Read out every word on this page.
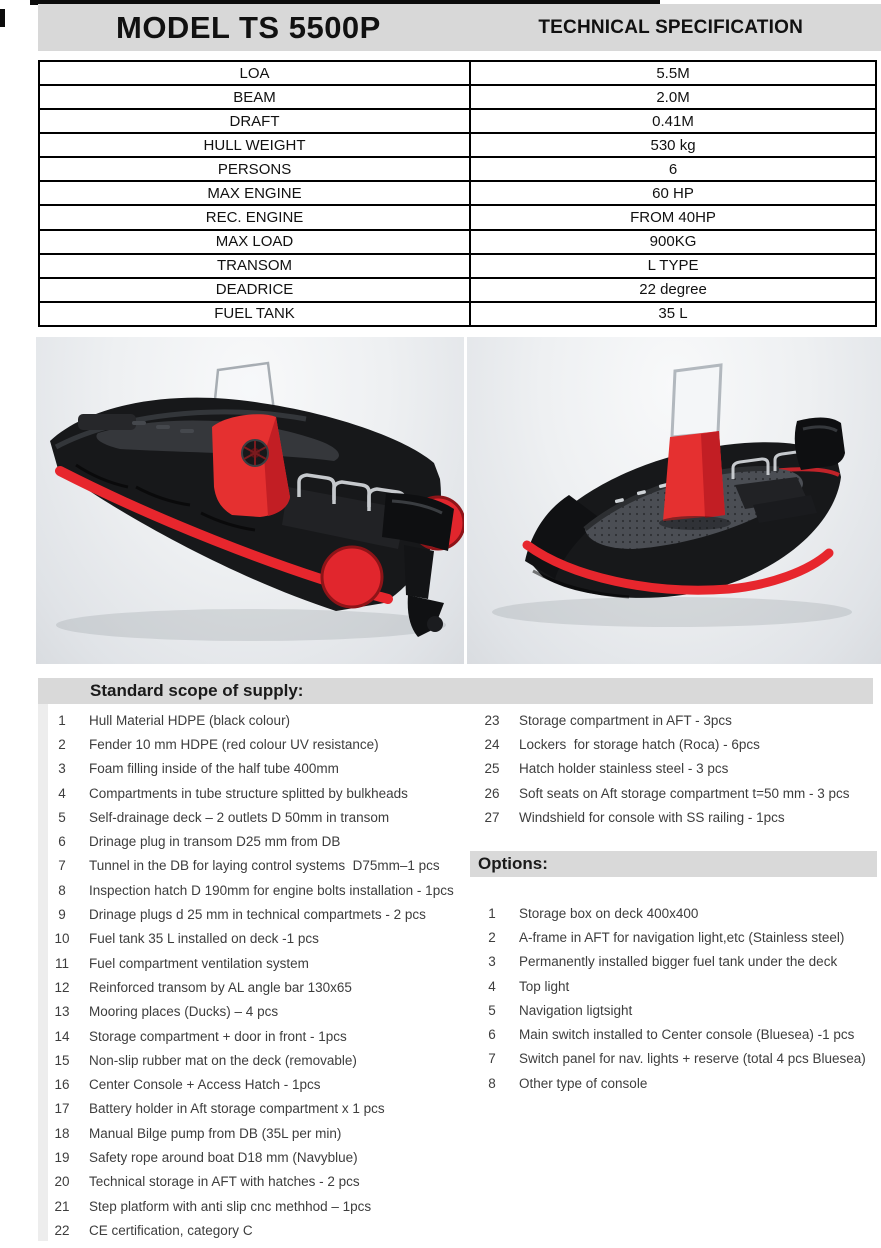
MODEL TS 5500P	TECHNICAL SPECIFICATION
LOA	5.5M
BEAM	2.0M
DRAFT	0.41M
HULL WEIGHT	530 kg
PERSONS	6
MAX ENGINE	60 HP
REC. ENGINE	FROM 40HP
MAX LOAD	900KG
TRANSOM	L TYPE
DEADRICE	22 degree
FUEL TANK	35 L
Standard scope of supply:
1	Hull Material HDPE (black colour)
2	Fender 10 mm HDPE (red colour UV resistance)
3	Foam filling inside of the half tube 400mm
4	Compartments in tube structure splitted by bulkheads
5	Self-drainage deck – 2 outlets D 50mm in transom
6	Drinage plug in transom D25 mm from DB
7	Tunnel in the DB for laying control systems  D75mm–1 pcs
8	Inspection hatch D 190mm for engine bolts installation - 1pcs
9	Drinage plugs d 25 mm in technical compartmets - 2 pcs
10	Fuel tank 35 L installed on deck -1 pcs
11	Fuel compartment ventilation system
12	Reinforced transom by AL angle bar 130x65
13	Mooring places (Ducks) – 4 pcs
14	Storage compartment + door in front - 1pcs
15	Non-slip rubber mat on the deck (removable)
16	Center Console + Access Hatch - 1pcs
17	Battery holder in Aft storage compartment x 1 pcs
18	Manual Bilge pump from DB (35L per min)
19	Safety rope around boat D18 mm (Navyblue)
20	Technical storage in AFT with hatches - 2 pcs
21	Step platform with anti slip cnc methhod – 1pcs
22	CE certification, category C
23	Storage compartment in AFT - 3pcs
24	Lockers  for storage hatch (Roca) - 6pcs
25	Hatch holder stainless steel - 3 pcs
26	Soft seats on Aft storage compartment t=50 mm - 3 pcs
27	Windshield for console with SS railing - 1pcs
Options:
1	Storage box on deck 400x400
2	A-frame in AFT for navigation light,etc (Stainless steel)
3	Permanently installed bigger fuel tank under the deck
4	Top light
5	Navigation ligtsight
6	Main switch installed to Center console (Bluesea) -1 pcs
7	Switch panel for nav. lights + reserve (total 4 pcs Bluesea)
8	Other type of console
